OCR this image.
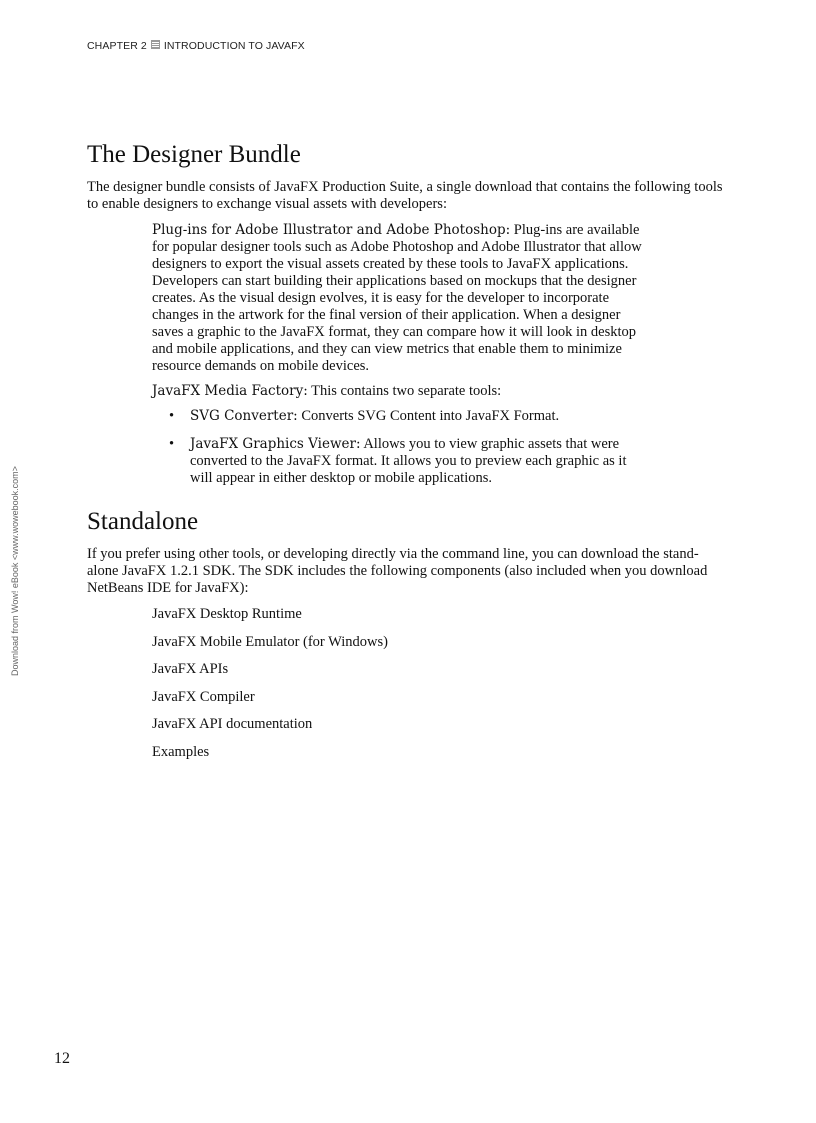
CHAPTER 2 INTRODUCTION TO JAVAFX
Download from Wow! eBook <www.wowebook.com>
The Designer Bundle

The designer bundle consists of JavaFX Production Suite, a single download that contains the following tools to enable designers to exchange visual assets with developers:

Plug-ins for Adobe Illustrator and Adobe Photoshop: Plug-ins are available for popular designer tools such as Adobe Photoshop and Adobe Illustrator that allow designers to export the visual assets created by these tools to JavaFX applications. Developers can start building their applications based on mockups that the designer creates. As the visual design evolves, it is easy for the developer to incorporate changes in the artwork for the final version of their application. When a designer saves a graphic to the JavaFX format, they can compare how it will look in desktop and mobile applications, and they can view metrics that enable them to minimize resource demands on mobile devices.

JavaFX Media Factory: This contains two separate tools:

• SVG Converter: Converts SVG Content into JavaFX Format.
• JavaFX Graphics Viewer: Allows you to view graphic assets that were converted to the JavaFX format. It allows you to preview each graphic as it will appear in either desktop or mobile applications.
Standalone

If you prefer using other tools, or developing directly via the command line, you can download the stand-alone JavaFX 1.2.1 SDK. The SDK includes the following components (also included when you download NetBeans IDE for JavaFX):

JavaFX Desktop Runtime
JavaFX Mobile Emulator (for Windows)
JavaFX APIs
JavaFX Compiler
JavaFX API documentation
Examples
12
